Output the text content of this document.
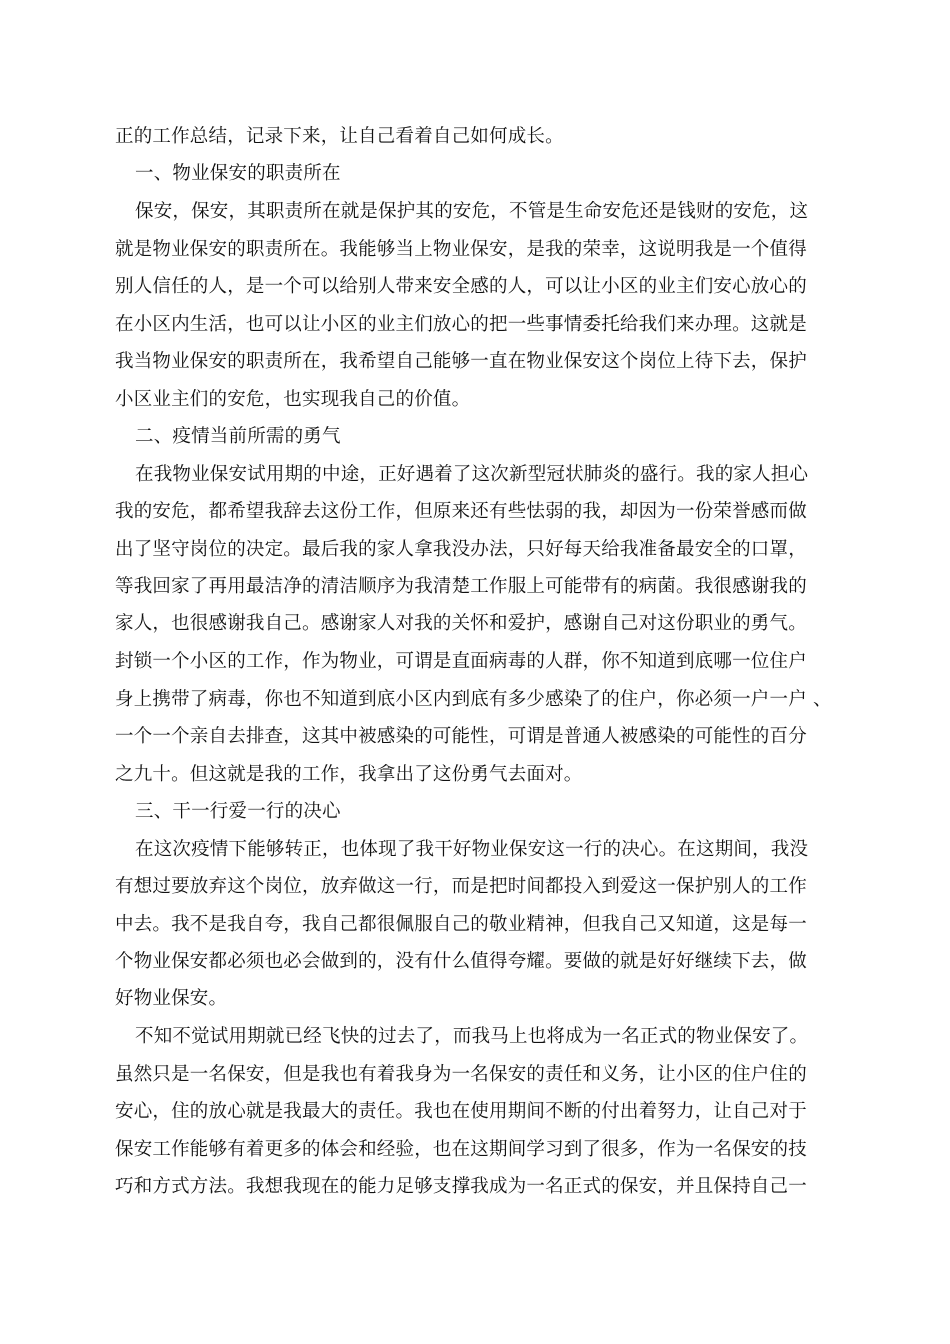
正的工作总结，记录下来，让自己看着自己如何成长。
一、物业保安的职责所在
保安，保安，其职责所在就是保护其的安危，不管是生命安危还是钱财的安危，这
就是物业保安的职责所在。我能够当上物业保安，是我的荣幸，这说明我是一个值得
别人信任的人，是一个可以给别人带来安全感的人，可以让小区的业主们安心放心的
在小区内生活，也可以让小区的业主们放心的把一些事情委托给我们来办理。这就是
我当物业保安的职责所在，我希望自己能够一直在物业保安这个岗位上待下去，保护
小区业主们的安危，也实现我自己的价值。
二、疫情当前所需的勇气
在我物业保安试用期的中途，正好遇着了这次新型冠状肺炎的盛行。我的家人担心
我的安危，都希望我辞去这份工作，但原来还有些怯弱的我，却因为一份荣誉感而做
出了坚守岗位的决定。最后我的家人拿我没办法，只好每天给我准备最安全的口罩，
等我回家了再用最洁净的清洁顺序为我清楚工作服上可能带有的病菌。我很感谢我的
家人，也很感谢我自己。感谢家人对我的关怀和爱护，感谢自己对这份职业的勇气。
封锁一个小区的工作，作为物业，可谓是直面病毒的人群，你不知道到底哪一位住户
身上携带了病毒，你也不知道到底小区内到底有多少感染了的住户，你必须一户一户 、
一个一个亲自去排查，这其中被感染的可能性，可谓是普通人被感染的可能性的百分
之九十。但这就是我的工作，我拿出了这份勇气去面对。
三、干一行爱一行的决心
在这次疫情下能够转正，也体现了我干好物业保安这一行的决心。在这期间，我没
有想过要放弃这个岗位，放弃做这一行，而是把时间都投入到爱这一保护别人的工作
中去。我不是我自夸，我自己都很佩服自己的敬业精神，但我自己又知道，这是每一
个物业保安都必须也必会做到的，没有什么值得夸耀。要做的就是好好继续下去，做
好物业保安。
不知不觉试用期就已经飞快的过去了，而我马上也将成为一名正式的物业保安了。
虽然只是一名保安，但是我也有着我身为一名保安的责任和义务，让小区的住户住的
安心，住的放心就是我最大的责任。我也在使用期间不断的付出着努力，让自己对于
保安工作能够有着更多的体会和经验，也在这期间学习到了很多，作为一名保安的技
巧和方式方法。我想我现在的能力足够支撑我成为一名正式的保安，并且保持自己一
